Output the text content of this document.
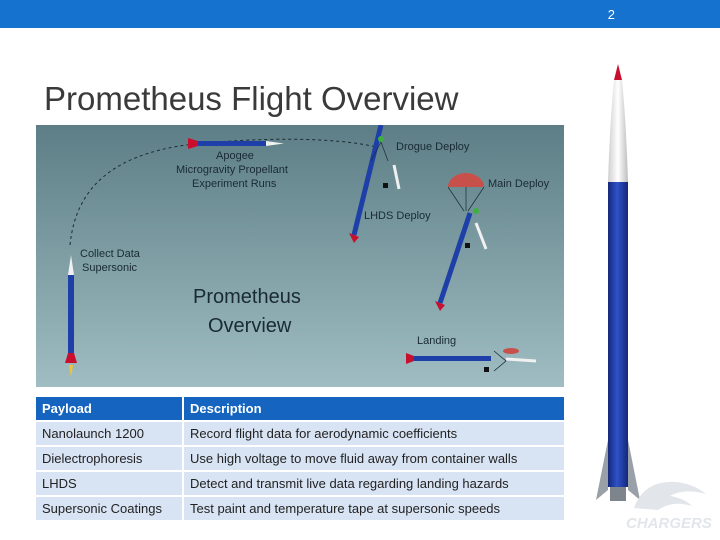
2
Prometheus Flight Overview
Apogee
Microgravity Propellant
Experiment Runs
Drogue Deploy
Main Deploy
LHDS Deploy
Collect Data
Supersonic
Prometheus
Overview
Landing
Payload	Description
Nanolaunch 1200	Record flight data for aerodynamic coefficients
Dielectrophoresis	Use high voltage to move fluid away from container walls
LHDS	Detect and transmit live data regarding landing hazards
Supersonic Coatings	Test paint and temperature tape at supersonic speeds
CHARGERS
